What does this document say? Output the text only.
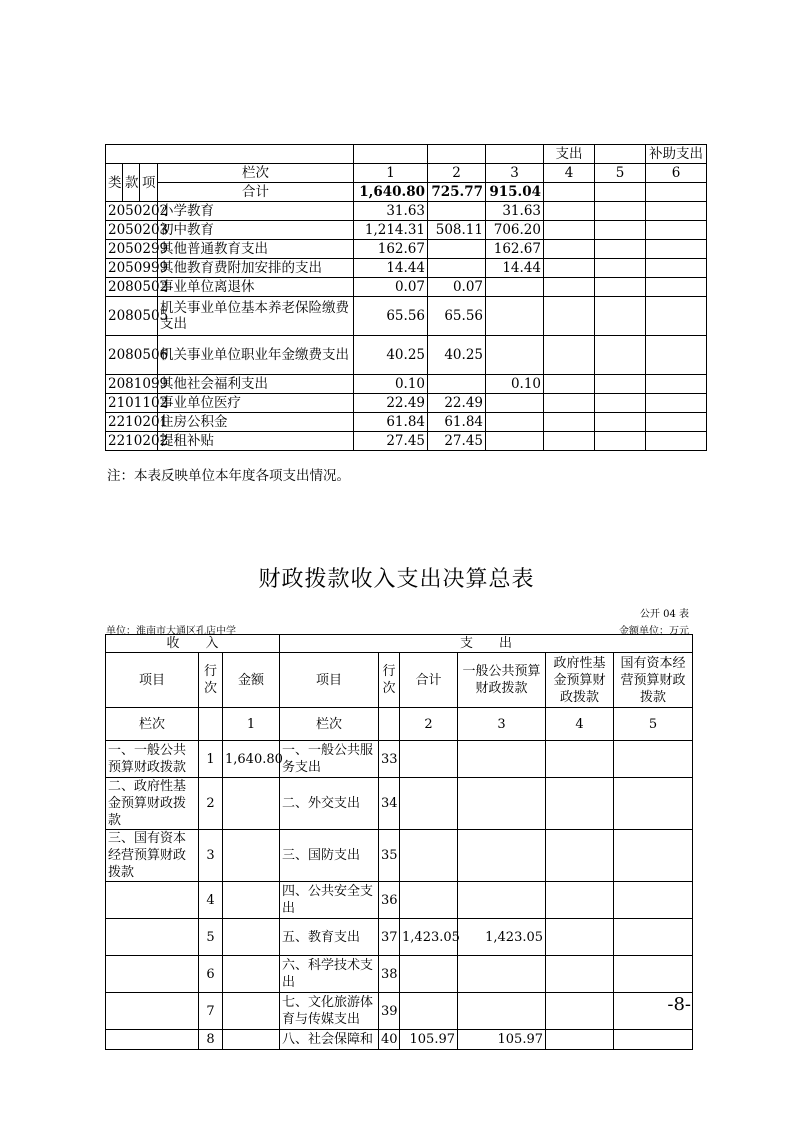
							支出		补助支出
类	款	项	栏次	1	2	3	4	5	6
			合计	1,640.80	725.77	915.04			
2050202			小学教育	31.63		31.63			
2050203			初中教育	1,214.31	508.11	706.20			
2050299			其他普通教育支出	162.67		162.67			
2050999			其他教育费附加安排的支出	14.44		14.44			
2080502			事业单位离退休	0.07	0.07				
2080505			机关事业单位基本养老保险缴费支出	65.56	65.56				
2080506			机关事业单位职业年金缴费支出	40.25	40.25				
2081099			其他社会福利支出	0.10		0.10			
2101102			事业单位医疗	22.49	22.49				
2210201			住房公积金	61.84	61.84				
2210202			提租补贴	27.45	27.45				
注：本表反映单位本年度各项支出情况。
财政拨款收入支出决算总表
公开 04 表
单位：淮南市大通区孔店中学	金额单位：万元
收　　入			支　　出					
项目	行次	金额	项目	行次	合计	一般公共预算财政拨款	政府性基金预算财政拨款	国有资本经营预算财政拨款
栏次		1	栏次		2	3	4	5
一、一般公共预算财政拨款	1	1,640.80	一、一般公共服务支出	33				
二、政府性基金预算财政拨款	2		二、外交支出	34				
三、国有资本经营预算财政拨款	3		三、国防支出	35				
	4		四、公共安全支出	36				
	5		五、教育支出	37	1,423.05	1,423.05		
	6		六、科学技术支出	38				
	7		七、文化旅游体育与传媒支出	39				
	8		八、社会保障和	40	105.97	105.97		
-8-
